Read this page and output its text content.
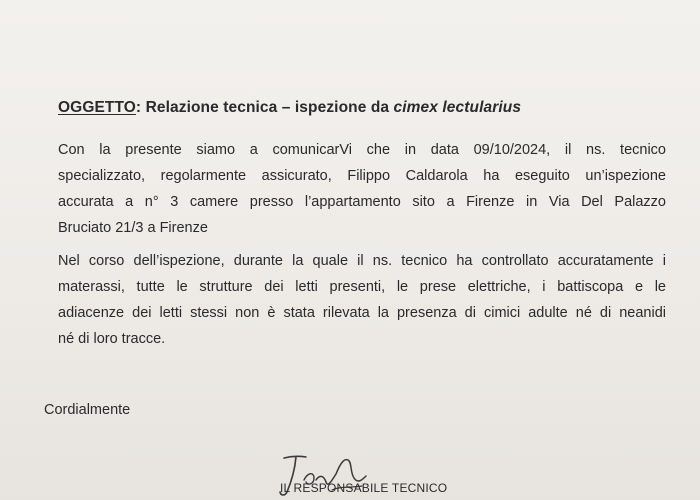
OGGETTO: Relazione tecnica – ispezione da cimex lectularius
Con la presente siamo a comunicarVi che in data 09/10/2024, il ns. tecnico
specializzato, regolarmente assicurato, Filippo Caldarola ha eseguito un’ispezione
accurata a n° 3 camere presso l’appartamento sito a Firenze in Via Del Palazzo
Bruciato 21/3 a Firenze
Nel corso dell’ispezione, durante la quale il ns. tecnico ha controllato accuratamente i
materassi, tutte le strutture dei letti presenti, le prese elettriche, i battiscopa e le
adiacenze dei letti stessi non è stata rilevata la presenza di cimici adulte né di neanidi
né di loro tracce.
Cordialmente
IL RESPONSABILE TECNICO
